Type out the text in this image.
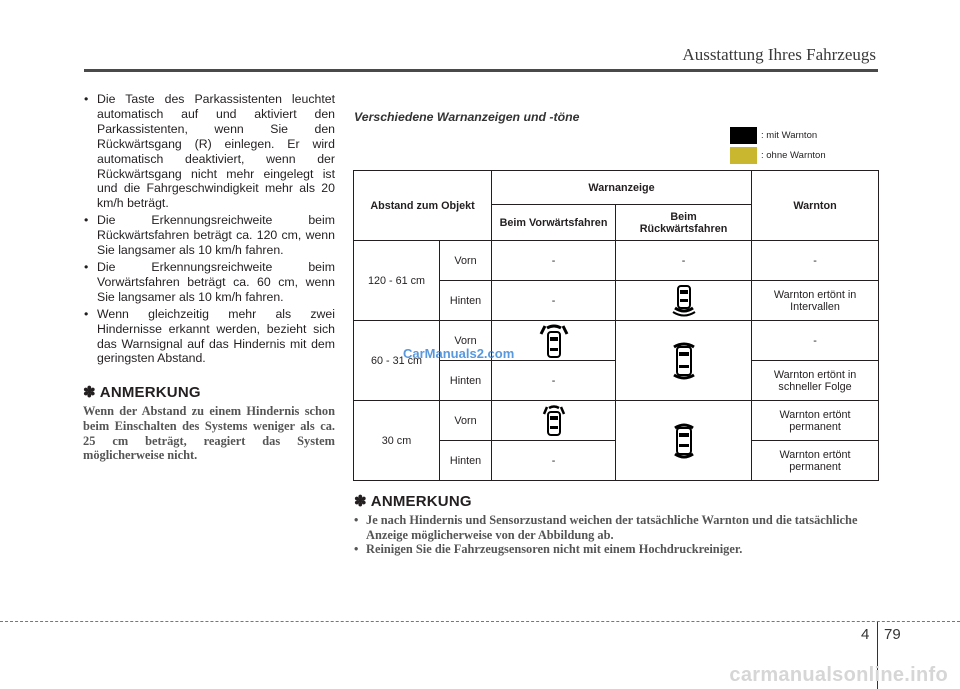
Ausstattung Ihres Fahrzeugs
• Die Taste des Parkassistenten leuchtet automatisch auf und aktiviert den Parkassistenten, wenn Sie den Rückwärtsgang (R) einlegen. Er wird automatisch deaktiviert, wenn der Rückwärtsgang nicht mehr eingelegt ist und die Fahrgeschwindigkeit mehr als 20 km/h beträgt.
• Die Erkennungsreichweite beim Rückwärtsfahren beträgt ca. 120 cm, wenn Sie langsamer als 10 km/h fahren.
• Die Erkennungsreichweite beim Vorwärtsfahren beträgt ca. 60 cm, wenn Sie langsamer als 10 km/h fahren.
• Wenn gleichzeitig mehr als zwei Hindernisse erkannt werden, bezieht sich das Warnsignal auf das Hindernis mit dem geringsten Abstand.
✽ ANMERKUNG
Wenn der Abstand zu einem Hindernis schon beim Einschalten des Systems weniger als ca. 25 cm beträgt, reagiert das System möglicherweise nicht.
Verschiedene Warnanzeigen und -töne
: mit Warnton
: ohne Warnton
Abstand zum Objekt		Warnanzeige		Warnton
		Beim Vorwärtsfahren	Beim Rückwärtsfahren	
120 - 61 cm	Vorn	-	-	-
	Hinten	-		Warnton ertönt in Intervallen
60 - 31 cm	Vorn			-
	Hinten	-		Warnton ertönt in schneller Folge
30 cm	Vorn			Warnton ertönt permanent
	Hinten	-		Warnton ertönt permanent
CarManuals2.com
✽ ANMERKUNG
• Je nach Hindernis und Sensorzustand weichen der tatsächliche Warnton und die tatsächliche Anzeige möglicherweise von der Abbildung ab.
• Reinigen Sie die Fahrzeugsensoren nicht mit einem Hochdruckreiniger.
4 79
carmanualsonline.info
